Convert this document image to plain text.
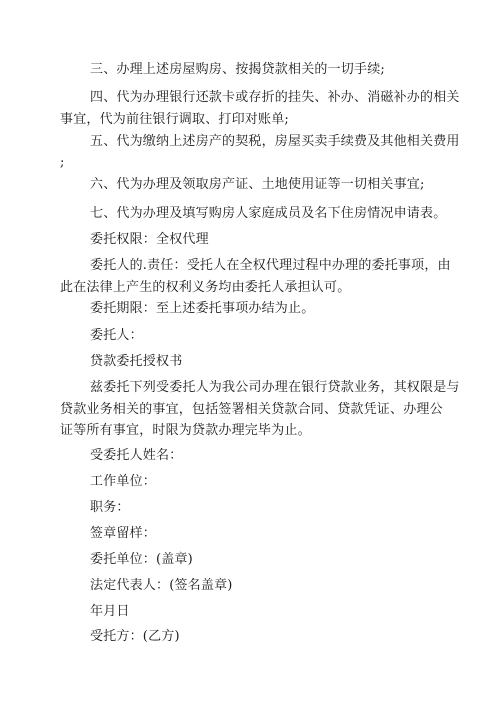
三、办理上述房屋购房、按揭贷款相关的一切手续;
四、代为办理银行还款卡或存折的挂失、补办、消磁补办的相关
事宜，代为前往银行调取、打印对账单;
五、代为缴纳上述房产的契税，房屋买卖手续费及其他相关费用
;
六、代为办理及领取房产证、土地使用证等一切相关事宜;
七、代为办理及填写购房人家庭成员及名下住房情况申请表。
委托权限：全权代理
委托人的.责任：受托人在全权代理过程中办理的委托事项，由
此在法律上产生的权利义务均由委托人承担认可。
委托期限：至上述委托事项办结为止。
委托人：
贷款委托授权书
兹委托下列受委托人为我公司办理在银行贷款业务，其权限是与
贷款业务相关的事宜，包括签署相关贷款合同、贷款凭证、办理公
证等所有事宜，时限为贷款办理完毕为止。
受委托人姓名：
工作单位：
职务：
签章留样：
委托单位：(盖章)
法定代表人：(签名盖章)
年月日
受托方：(乙方)
